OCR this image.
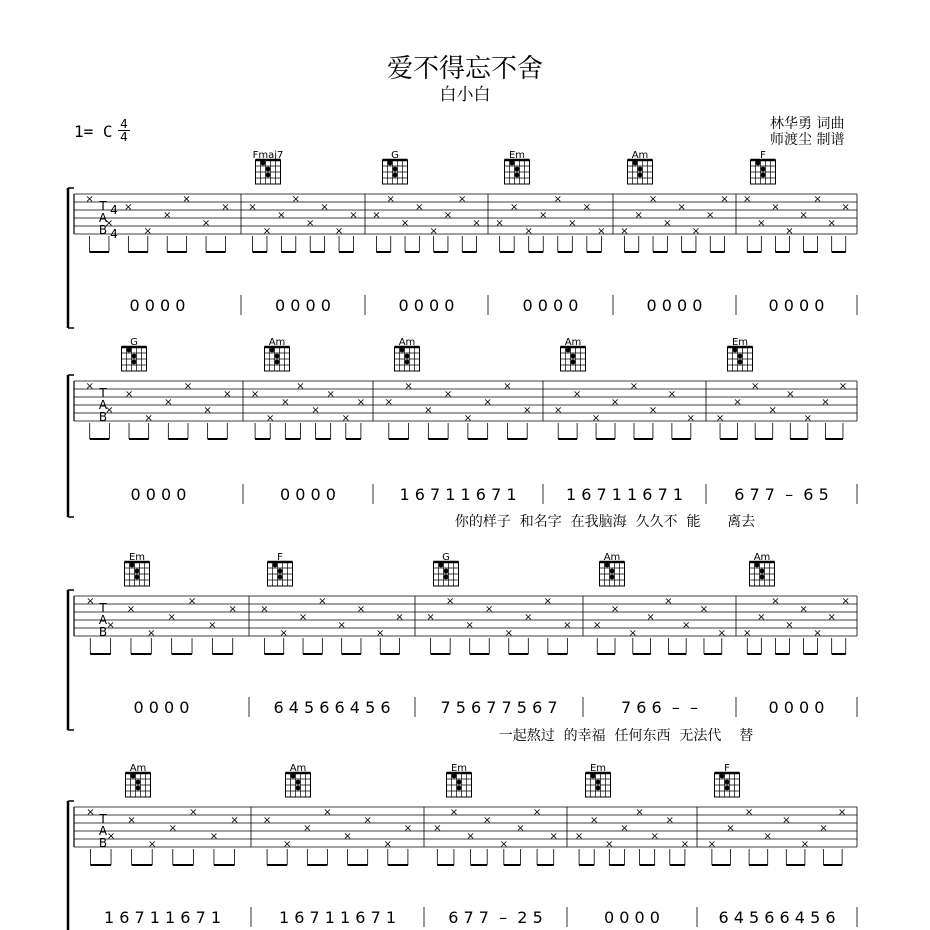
爱不得忘不舍
白小白
林华勇 词曲
师渡尘 制谱
1= C 4
4
T
A
B
4
4
×
×
×
×
×
×
×
× ×
×
×
×
×
×
×
× ×
×
×
×
×
×
×
× ×
×
×
×
×
×
×
× ×
×
×
×
×
×
×
× ×
×
×
×
×
×
×
×
0 0 0 0	0 0 0 0	0 0 0 0	0 0 0 0	0 0 0 0	0 0 0 0
Fmaj7	G	Em	Am	F
T
A
B
×
×
×
×
×
×
×
× ×
×
×
×
×
×
×
× ×
×
×
×
×
×
×
× ×
×
×
×
×
×
×
× ×
×
×
×
×
×
×
×
0 0 0 0	0 0 0 0	1 6 7 1 1 6 7 1	1 6 7 1 1 6 7 1	6 7 7  –  6 5
你的样子  和名字  在我脑海  久久不  能      离去
G	Am	Am	Am	Em
T
A
B
×
×
×
×
×
×
×
× ×
×
×
×
×
×
×
× ×
×
×
×
×
×
×
× ×
×
×
×
×
×
×
× ×
×
×
×
×
×
×
×
0 0 0 0	6 4 5 6 6 4 5 6	7 5 6 7 7 5 6 7	7 6 6  –  –	0 0 0 0
一起熬过  的幸福  任何东西  无法代    替
Em	F	G	Am	Am
T
A
B
×
×
×
×
×
×
×
× ×
×
×
×
×
×
×
× ×
×
×
×
×
×
×
× ×
×
×
×
×
×
×
× ×
×
×
×
×
×
×
×
1 6 7 1 1 6 7 1	1 6 7 1 1 6 7 1	6 7 7  –  2 5	0 0 0 0	6 4 5 6 6 4 5 6
Am	Am	Em	Em	F
